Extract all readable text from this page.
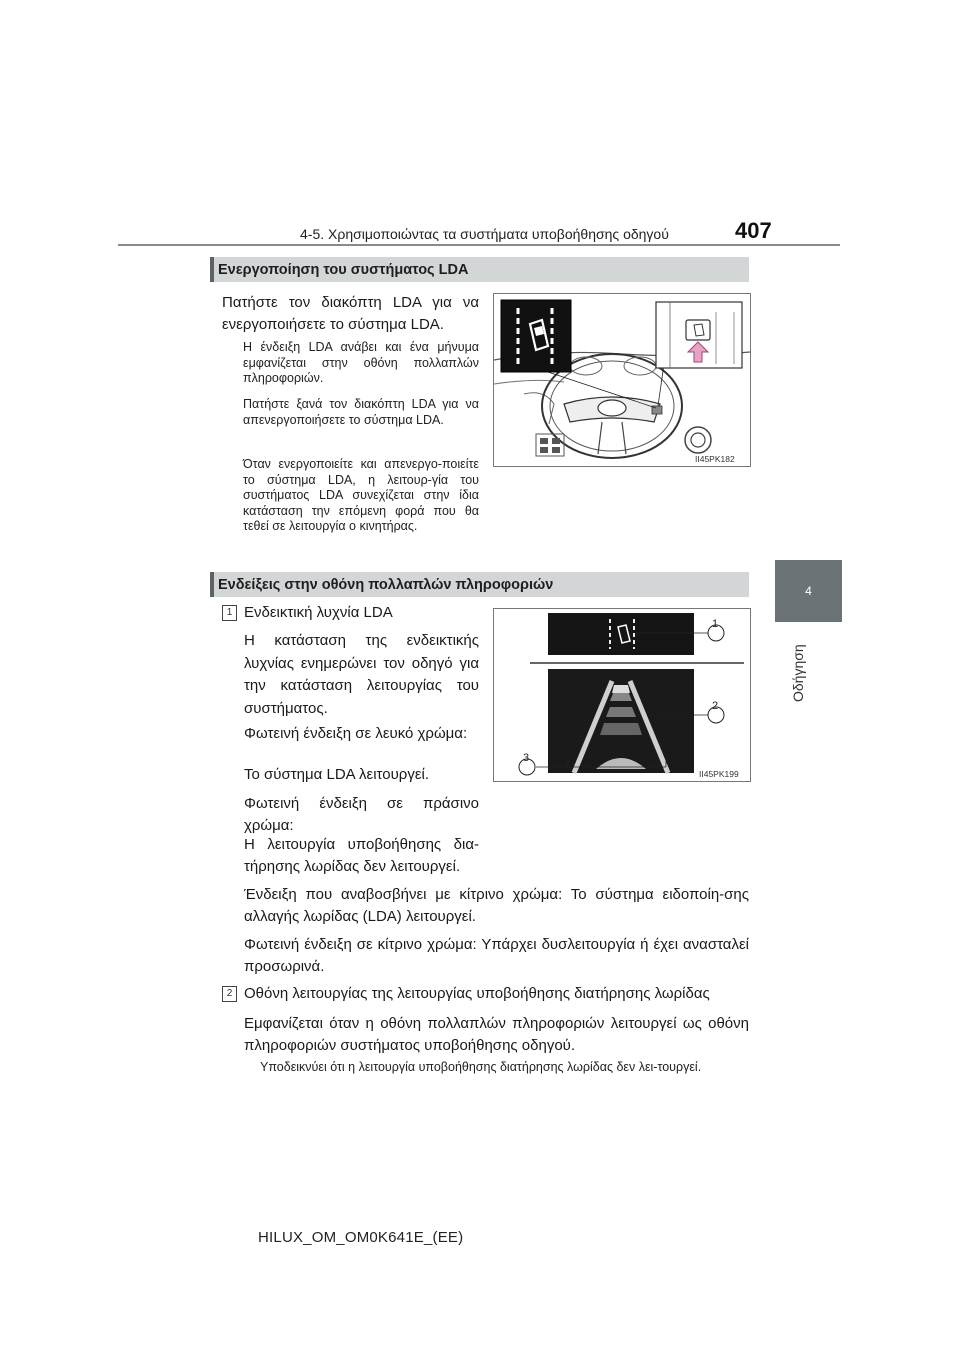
4-5. Χρησιμοποιώντας τα συστήματα υποβοήθησης οδηγού	407
4
Οδήγηση
Ενεργοποίηση του συστήματος LDA
Πατήστε τον διακόπτη LDA για να ενεργοποιήσετε το σύστημα LDA.
Η ένδειξη LDA ανάβει και ένα μήνυμα εμφανίζεται στην οθόνη πολλαπλών πληροφοριών.
Πατήστε ξανά τον διακόπτη LDA για να απενεργοποιήσετε το σύστημα LDA.
Όταν ενεργοποιείτε και απενεργο-ποιείτε το σύστημα LDA, η λειτουρ-γία του συστήματος LDA συνεχίζεται στην ίδια κατάσταση την επόμενη φορά που θα τεθεί σε λειτουργία ο κινητήρας.
II45PK182
Ενδείξεις στην οθόνη πολλαπλών πληροφοριών
1
2
3
II45PK199
1 Ενδεικτική λυχνία LDA
Η κατάσταση της ενδεικτικής λυχνίας ενημερώνει τον οδηγό για την κατάσταση λειτουργίας του συστήματος.
Φωτεινή ένδειξη σε λευκό χρώμα:
Το σύστημα LDA λειτουργεί.
Φωτεινή ένδειξη σε πράσινο χρώμα:
Η λειτουργία υποβοήθησης δια-τήρησης λωρίδας δεν λειτουργεί.
Ένδειξη που αναβοσβήνει με κίτρινο χρώμα: Το σύστημα ειδοποίη-σης αλλαγής λωρίδας (LDA) λειτουργεί.
Φωτεινή ένδειξη σε κίτρινο χρώμα: Υπάρχει δυσλειτουργία ή έχει ανασταλεί προσωρινά.
2 Οθόνη λειτουργίας της λειτουργίας υποβοήθησης διατήρησης λωρίδας
Εμφανίζεται όταν η οθόνη πολλαπλών πληροφοριών λειτουργεί ως οθόνη πληροφοριών συστήματος υποβοήθησης οδηγού.
Υποδεικνύει ότι η λειτουργία υποβοήθησης διατήρησης λωρίδας δεν λει-τουργεί.
HILUX_OM_OM0K641E_(EE)
